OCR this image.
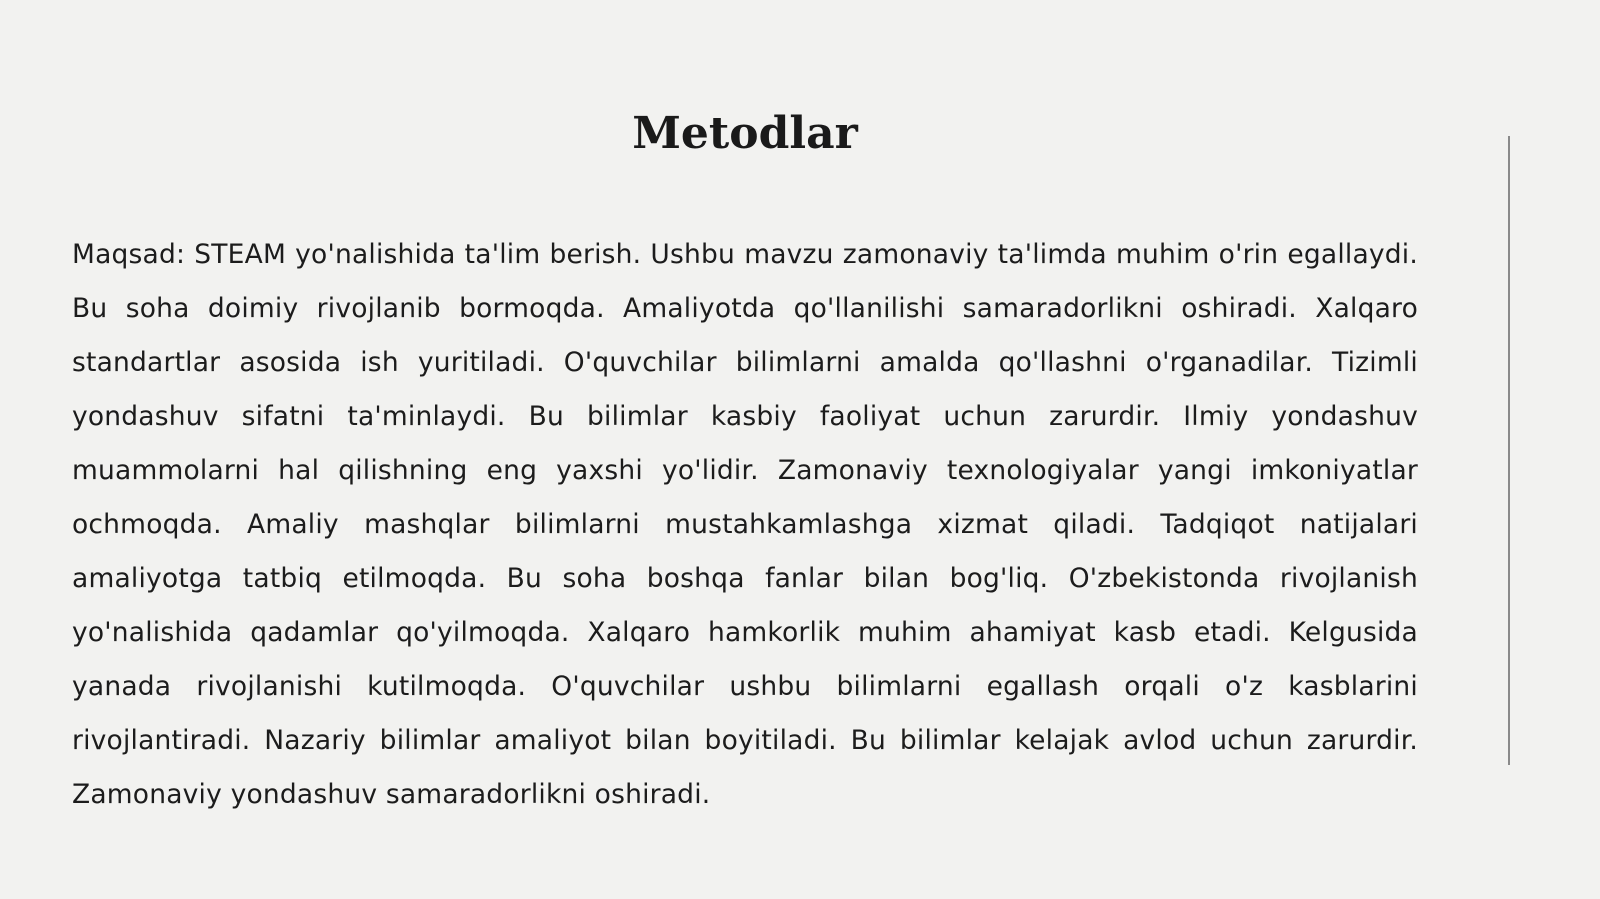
Metodlar

Maqsad: STEAM yo'nalishida ta'lim berish. Ushbu mavzu zamonaviy ta'limda muhim o'rin egallaydi. Bu soha doimiy rivojlanib bormoqda. Amaliyotda qo'llanilishi samaradorlikni oshiradi. Xalqaro standartlar asosida ish yuritiladi. O'quvchilar bilimlarni amalda qo'llashni o'rganadilar. Tizimli yondashuv sifatni ta'minlaydi. Bu bilimlar kasbiy faoliyat uchun zarurdir. Ilmiy yondashuv muammolarni hal qilishning eng yaxshi yo'lidir. Zamonaviy texnologiyalar yangi imkoniyatlar ochmoqda. Amaliy mashqlar bilimlarni mustahkamlashga xizmat qiladi. Tadqiqot natijalari amaliyotga tatbiq etilmoqda. Bu soha boshqa fanlar bilan bog'liq. O'zbekistonda rivojlanish yo'nalishida qadamlar qo'yilmoqda. Xalqaro hamkorlik muhim ahamiyat kasb etadi. Kelgusida yanada rivojlanishi kutilmoqda. O'quvchilar ushbu bilimlarni egallash orqali o'z kasblarini rivojlantiradi. Nazariy bilimlar amaliyot bilan boyitiladi. Bu bilimlar kelajak avlod uchun zarurdir. Zamonaviy yondashuv samaradorlikni oshiradi.
